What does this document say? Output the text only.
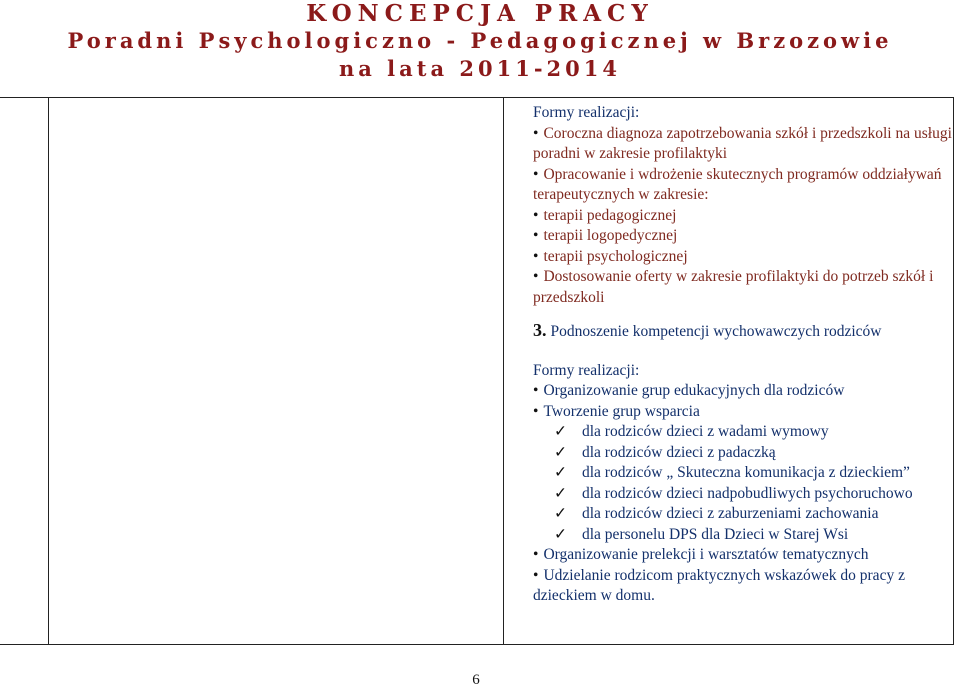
KONCEPCJA PRACY
Poradni Psychologiczno - Pedagogicznej w Brzozowie
na lata 2011-2014
Formy realizacji:
• Coroczna diagnoza zapotrzebowania szkół i przedszkoli na usługi poradni w zakresie profilaktyki
• Opracowanie i wdrożenie skutecznych programów oddziaływań terapeutycznych w zakresie:
• terapii pedagogicznej
• terapii logopedycznej
• terapii psychologicznej
• Dostosowanie oferty w zakresie profilaktyki do potrzeb szkół i przedszkoli
3. Podnoszenie kompetencji wychowawczych rodziców
Formy realizacji:
• Organizowanie grup edukacyjnych dla rodziców
• Tworzenie grup wsparcia
✓ dla rodziców dzieci z wadami wymowy
✓ dla rodziców dzieci z padaczką
✓ dla rodziców „ Skuteczna komunikacja z dzieckiem”
✓ dla rodziców dzieci nadpobudliwych psychoruchowo
✓ dla rodziców dzieci z zaburzeniami zachowania
✓ dla personelu DPS dla Dzieci w Starej Wsi
• Organizowanie prelekcji i warsztatów tematycznych
• Udzielanie rodzicom praktycznych wskazówek do pracy z dzieckiem w domu.
6
